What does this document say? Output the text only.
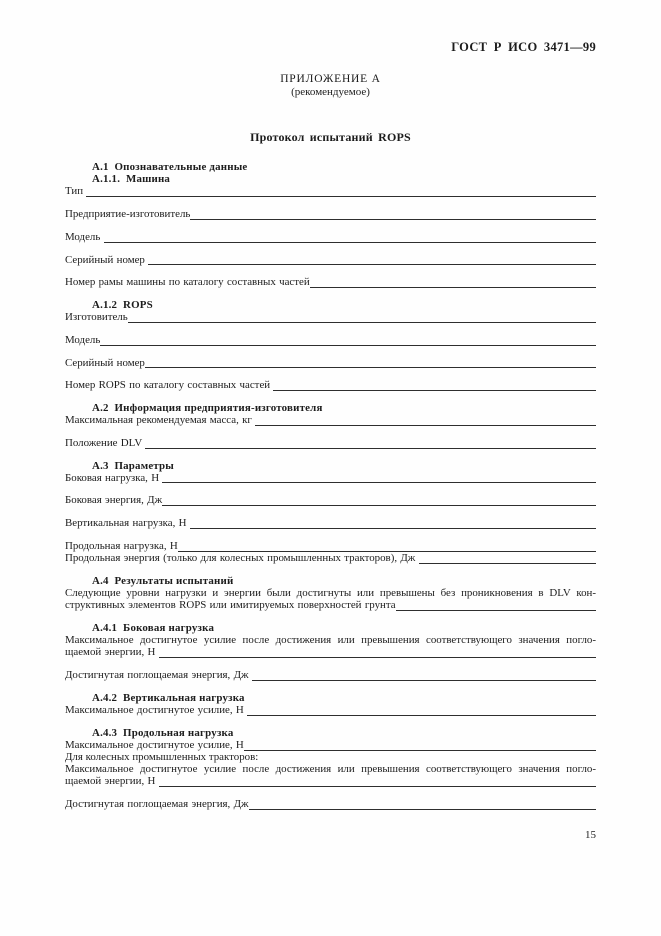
ГОСТ Р ИСО 3471—99
ПРИЛОЖЕНИЕ А
(рекомендуемое)
Протокол испытаний ROPS
А.1  Опознавательные данные
А.1.1.  Машина
Тип
Предприятие-изготовитель
Модель
Серийный номер
Номер рамы машины по каталогу составных частей
А.1.2  ROPS
Изготовитель
Модель
Серийный номер
Номер ROPS по каталогу составных частей
А.2  Информация предприятия-изготовителя
Максимальная рекомендуемая масса, кг
Положение DLV
А.3  Параметры
Боковая нагрузка, Н
Боковая энергия, Дж
Вертикальная нагрузка, Н
Продольная нагрузка, Н
Продольная энергия (только для колесных промышленных тракторов), Дж
А.4  Результаты испытаний
Следующие уровни нагрузки и энергии были достигнуты или превышены без проникновения в DLV кон-
структивных элементов ROPS или имитируемых поверхностей грунта
А.4.1  Боковая нагрузка
Максимальное достигнутое усилие после достижения или превышения соответствующего значения погло-
щаемой энергии, Н
Достигнутая поглощаемая энергия, Дж
А.4.2  Вертикальная нагрузка
Максимальное достигнутое усилие, Н
А.4.3  Продольная нагрузка
Максимальное достигнутое усилие, Н
Для колесных промышленных тракторов:
Максимальное достигнутое усилие после достижения или превышения соответствующего значения погло-
щаемой энергии, Н
Достигнутая поглощаемая энергия, Дж
15
